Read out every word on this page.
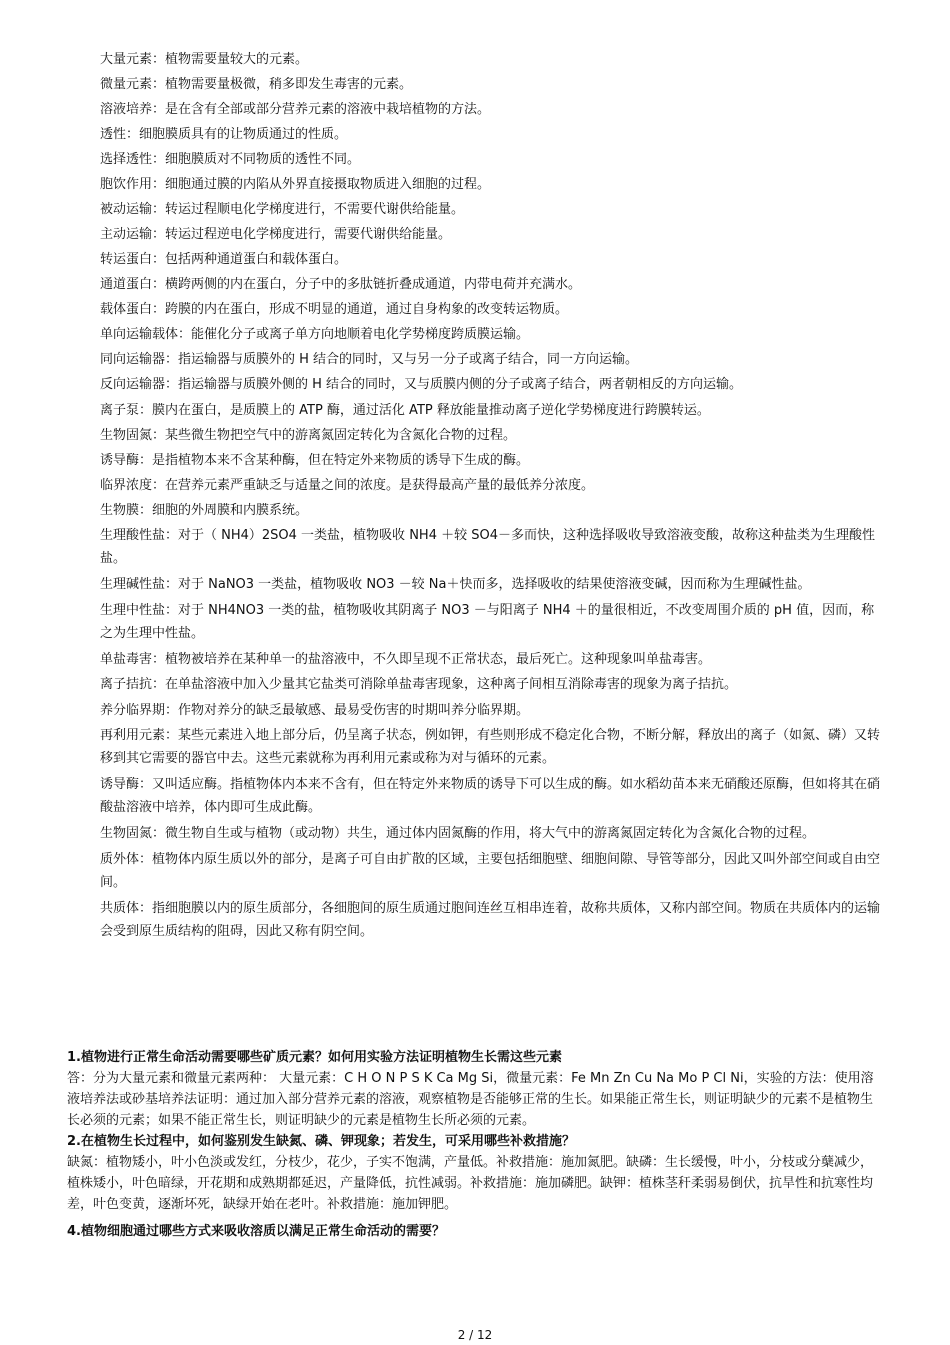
大量元素：植物需要量较大的元素。

微量元素：植物需要量极微，稍多即发生毒害的元素。

溶液培养：是在含有全部或部分营养元素的溶液中栽培植物的方法。

透性：细胞膜质具有的让物质通过的性质。

选择透性：细胞膜质对不同物质的透性不同。

胞饮作用：细胞通过膜的内陷从外界直接摄取物质进入细胞的过程。

被动运输：转运过程顺电化学梯度进行，不需要代谢供给能量。

主动运输：转运过程逆电化学梯度进行，需要代谢供给能量。

转运蛋白：包括两种通道蛋白和载体蛋白。

通道蛋白：横跨两侧的内在蛋白，分子中的多肽链折叠成通道，内带电荷并充满水。

载体蛋白：跨膜的内在蛋白，形成不明显的通道，通过自身构象的改变转运物质。

单向运输载体：能催化分子或离子单方向地顺着电化学势梯度跨质膜运输。

同向运输器：指运输器与质膜外的 H 结合的同时，又与另一分子或离子结合，同一方向运输。

反向运输器：指运输器与质膜外侧的 H 结合的同时，又与质膜内侧的分子或离子结合，两者朝相反的方向运输。

离子泵：膜内在蛋白，是质膜上的 ATP 酶，通过活化 ATP 释放能量推动离子逆化学势梯度进行跨膜转运。

生物固氮：某些微生物把空气中的游离氮固定转化为含氮化合物的过程。

诱导酶：是指植物本来不含某种酶，但在特定外来物质的诱导下生成的酶。

临界浓度：在营养元素严重缺乏与适量之间的浓度。是获得最高产量的最低养分浓度。

生物膜：细胞的外周膜和内膜系统。

生理酸性盐：对于（ NH4）2SO4 一类盐，植物吸收 NH4 ＋较 SO4－多而快，这种选择吸收导致溶液变酸，故称这种盐类为生理酸性盐。

生理碱性盐：对于 NaNO3 一类盐，植物吸收 NO3 －较 Na＋快而多，选择吸收的结果使溶液变碱，因而称为生理碱性盐。

生理中性盐：对于 NH4NO3 一类的盐，植物吸收其阴离子 NO3 －与阳离子 NH4 ＋的量很相近，不改变周围介质的 pH 值，因而，称之为生理中性盐。

单盐毒害：植物被培养在某种单一的盐溶液中，不久即呈现不正常状态，最后死亡。这种现象叫单盐毒害。

离子拮抗：在单盐溶液中加入少量其它盐类可消除单盐毒害现象，这种离子间相互消除毒害的现象为离子拮抗。

养分临界期：作物对养分的缺乏最敏感、最易受伤害的时期叫养分临界期。

再利用元素：某些元素进入地上部分后，仍呈离子状态，例如钾，有些则形成不稳定化合物，不断分解，释放出的离子（如氮、磷）又转移到其它需要的器官中去。这些元素就称为再利用元素或称为对与循环的元素。

诱导酶：又叫适应酶。指植物体内本来不含有，但在特定外来物质的诱导下可以生成的酶。如水稻幼苗本来无硝酸还原酶，但如将其在硝酸盐溶液中培养，体内即可生成此酶。

生物固氮：微生物自生或与植物（或动物）共生，通过体内固氮酶的作用，将大气中的游离氮固定转化为含氮化合物的过程。

质外体：植物体内原生质以外的部分，是离子可自由扩散的区域，主要包括细胞壁、细胞间隙、导管等部分，因此又叫外部空间或自由空间。

共质体：指细胞膜以内的原生质部分，各细胞间的原生质通过胞间连丝互相串连着，故称共质体，又称内部空间。物质在共质体内的运输会受到原生质结构的阻碍，因此又称有阴空间。

1.植物进行正常生命活动需要哪些矿质元素？如何用实验方法证明植物生长需这些元素

答：分为大量元素和微量元素两种： 大量元素：C H O N P S K Ca Mg Si，微量元素：Fe Mn Zn Cu Na Mo P Cl Ni，实验的方法：使用溶液培养法或砂基培养法证明：通过加入部分营养元素的溶液，观察植物是否能够正常的生长。如果能正常生长，则证明缺少的元素不是植物生长必须的元素；如果不能正常生长，则证明缺少的元素是植物生长所必须的元素。

2.在植物生长过程中，如何鉴别发生缺氮、磷、钾现象；若发生，可采用哪些补救措施？

缺氮：植物矮小，叶小色淡或发红，分枝少，花少，子实不饱满，产量低。补救措施：施加氮肥。缺磷：生长缓慢，叶小，分枝或分蘖减少，植株矮小，叶色暗绿，开花期和成熟期都延迟，产量降低，抗性减弱。补救措施：施加磷肥。缺钾：植株茎秆柔弱易倒伏，抗旱性和抗寒性均差，叶色变黄，逐渐坏死，缺绿开始在老叶。补救措施：施加钾肥。

4.植物细胞通过哪些方式来吸收溶质以满足正常生命活动的需要？

2 / 12
